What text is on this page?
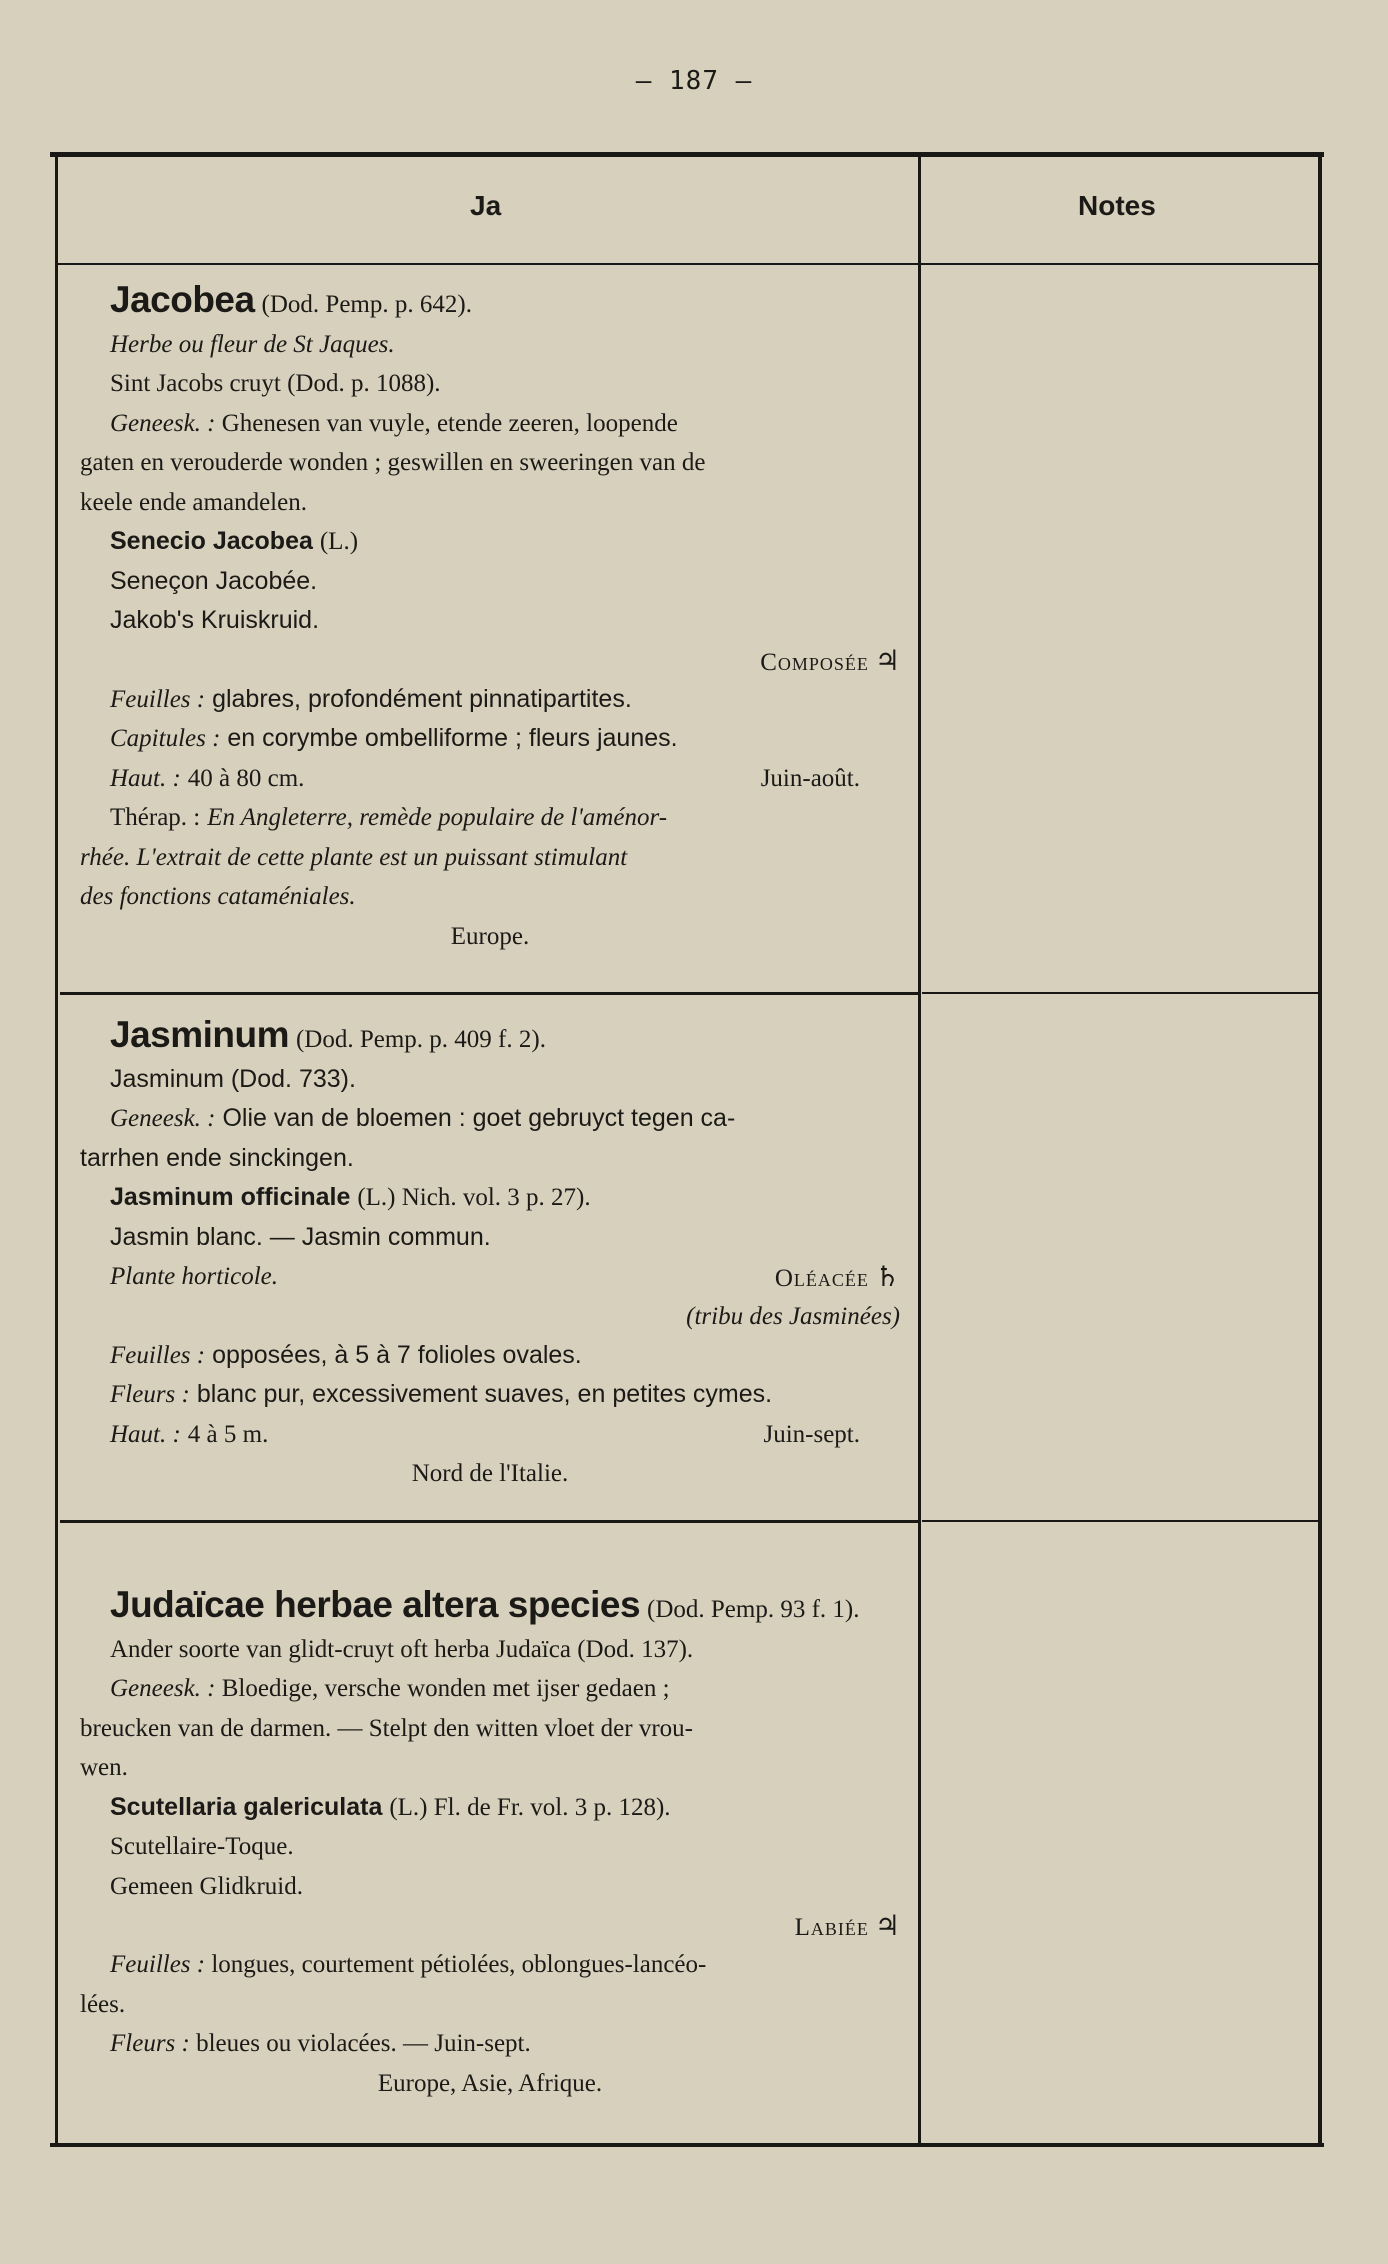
— 187 —
Ja	Notes
Jacobea (Dod. Pemp. p. 642).
Herbe ou fleur de St Jaques.
Sint Jacobs cruyt (Dod. p. 1088).
Geneesk. : Ghenesen van vuyle, etende zeeren, loopende
gaten en verouderde wonden ; geswillen en sweeringen van de
keele ende amandelen.
Senecio Jacobea (L.)
Seneçon Jacobée.
Jakob's Kruiskruid.
Composée ♃
Feuilles : glabres, profondément pinnatipartites.
Capitules : en corymbe ombelliforme ; fleurs jaunes.
Haut. : 40 à 80 cm.	Juin-août.
Thérap. : En Angleterre, remède populaire de l'aménor-
rhée. L'extrait de cette plante est un puissant stimulant
des fonctions cataméniales.
Europe.
Jasminum (Dod. Pemp. p. 409 f. 2).
Jasminum (Dod. 733).
Geneesk. : Olie van de bloemen : goet gebruyct tegen ca-
tarrhen ende sinckingen.
Jasminum officinale (L.) Nich. vol. 3 p. 27).
Jasmin blanc. — Jasmin commun.
Plante horticole.	Oléacée ♄
(tribu des Jasminées)
Feuilles : opposées, à 5 à 7 folioles ovales.
Fleurs : blanc pur, excessivement suaves, en petites cymes.
Haut. : 4 à 5 m.	Juin-sept.
Nord de l'Italie.
Judaïcae herbae altera species (Dod. Pemp. 93 f. 1).
Ander soorte van glidt-cruyt oft herba Judaïca (Dod. 137).
Geneesk. : Bloedige, versche wonden met ijser gedaen ;
breucken van de darmen. — Stelpt den witten vloet der vrou-
wen.
Scutellaria galericulata (L.) Fl. de Fr. vol. 3 p. 128).
Scutellaire-Toque.
Gemeen Glidkruid.
Labiée ♃
Feuilles : longues, courtement pétiolées, oblongues-lancéo-
lées.
Fleurs : bleues ou violacées. — Juin-sept.
Europe, Asie, Afrique.
